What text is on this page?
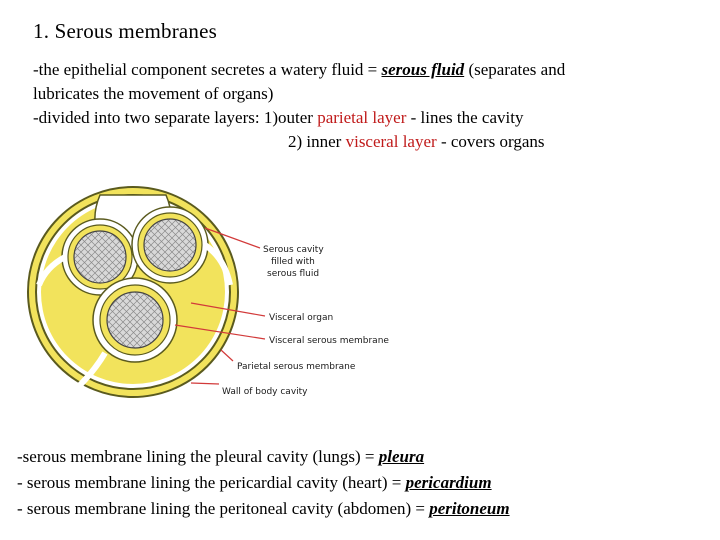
1. Serous membranes
-the epithelial component secretes a watery fluid = serous fluid (separates and
lubricates the movement of organs)
-divided into two separate layers: 1)outer parietal layer - lines the cavity
2) inner visceral layer - covers organs
Serous cavity
filled with
serous fluid
Visceral organ
Visceral serous membrane
Parietal serous membrane
Wall of body cavity
-serous membrane lining the pleural cavity (lungs) = pleura
- serous membrane lining the pericardial cavity (heart) = pericardium
- serous membrane lining the peritoneal cavity (abdomen) = peritoneum
